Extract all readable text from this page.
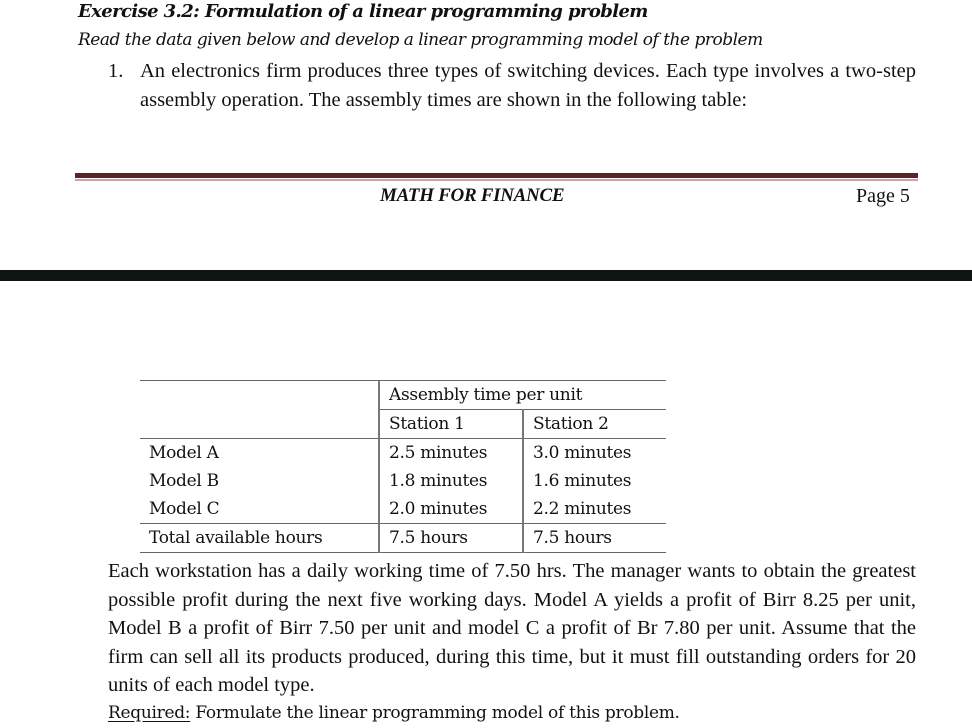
Exercise 3.2: Formulation of a linear programming problem
Read the data given below and develop a linear programming model of the problem
1. An electronics firm produces three types of switching devices. Each type involves a two-step assembly operation. The assembly times are shown in the following table:
MATH FOR FINANCE	Page 5
	Assembly time per unit	
	Station 1	Station 2
Model A	2.5 minutes	3.0 minutes
Model B	1.8 minutes	1.6 minutes
Model C	2.0 minutes	2.2 minutes
Total available hours	7.5 hours	7.5 hours
Each workstation has a daily working time of 7.50 hrs. The manager wants to obtain the greatest possible profit during the next five working days. Model A yields a profit of Birr 8.25 per unit, Model B a profit of Birr 7.50 per unit and model C a profit of Br 7.80 per unit. Assume that the firm can sell all its products produced, during this time, but it must fill outstanding orders for 20 units of each model type.
Required: Formulate the linear programming model of this problem.
